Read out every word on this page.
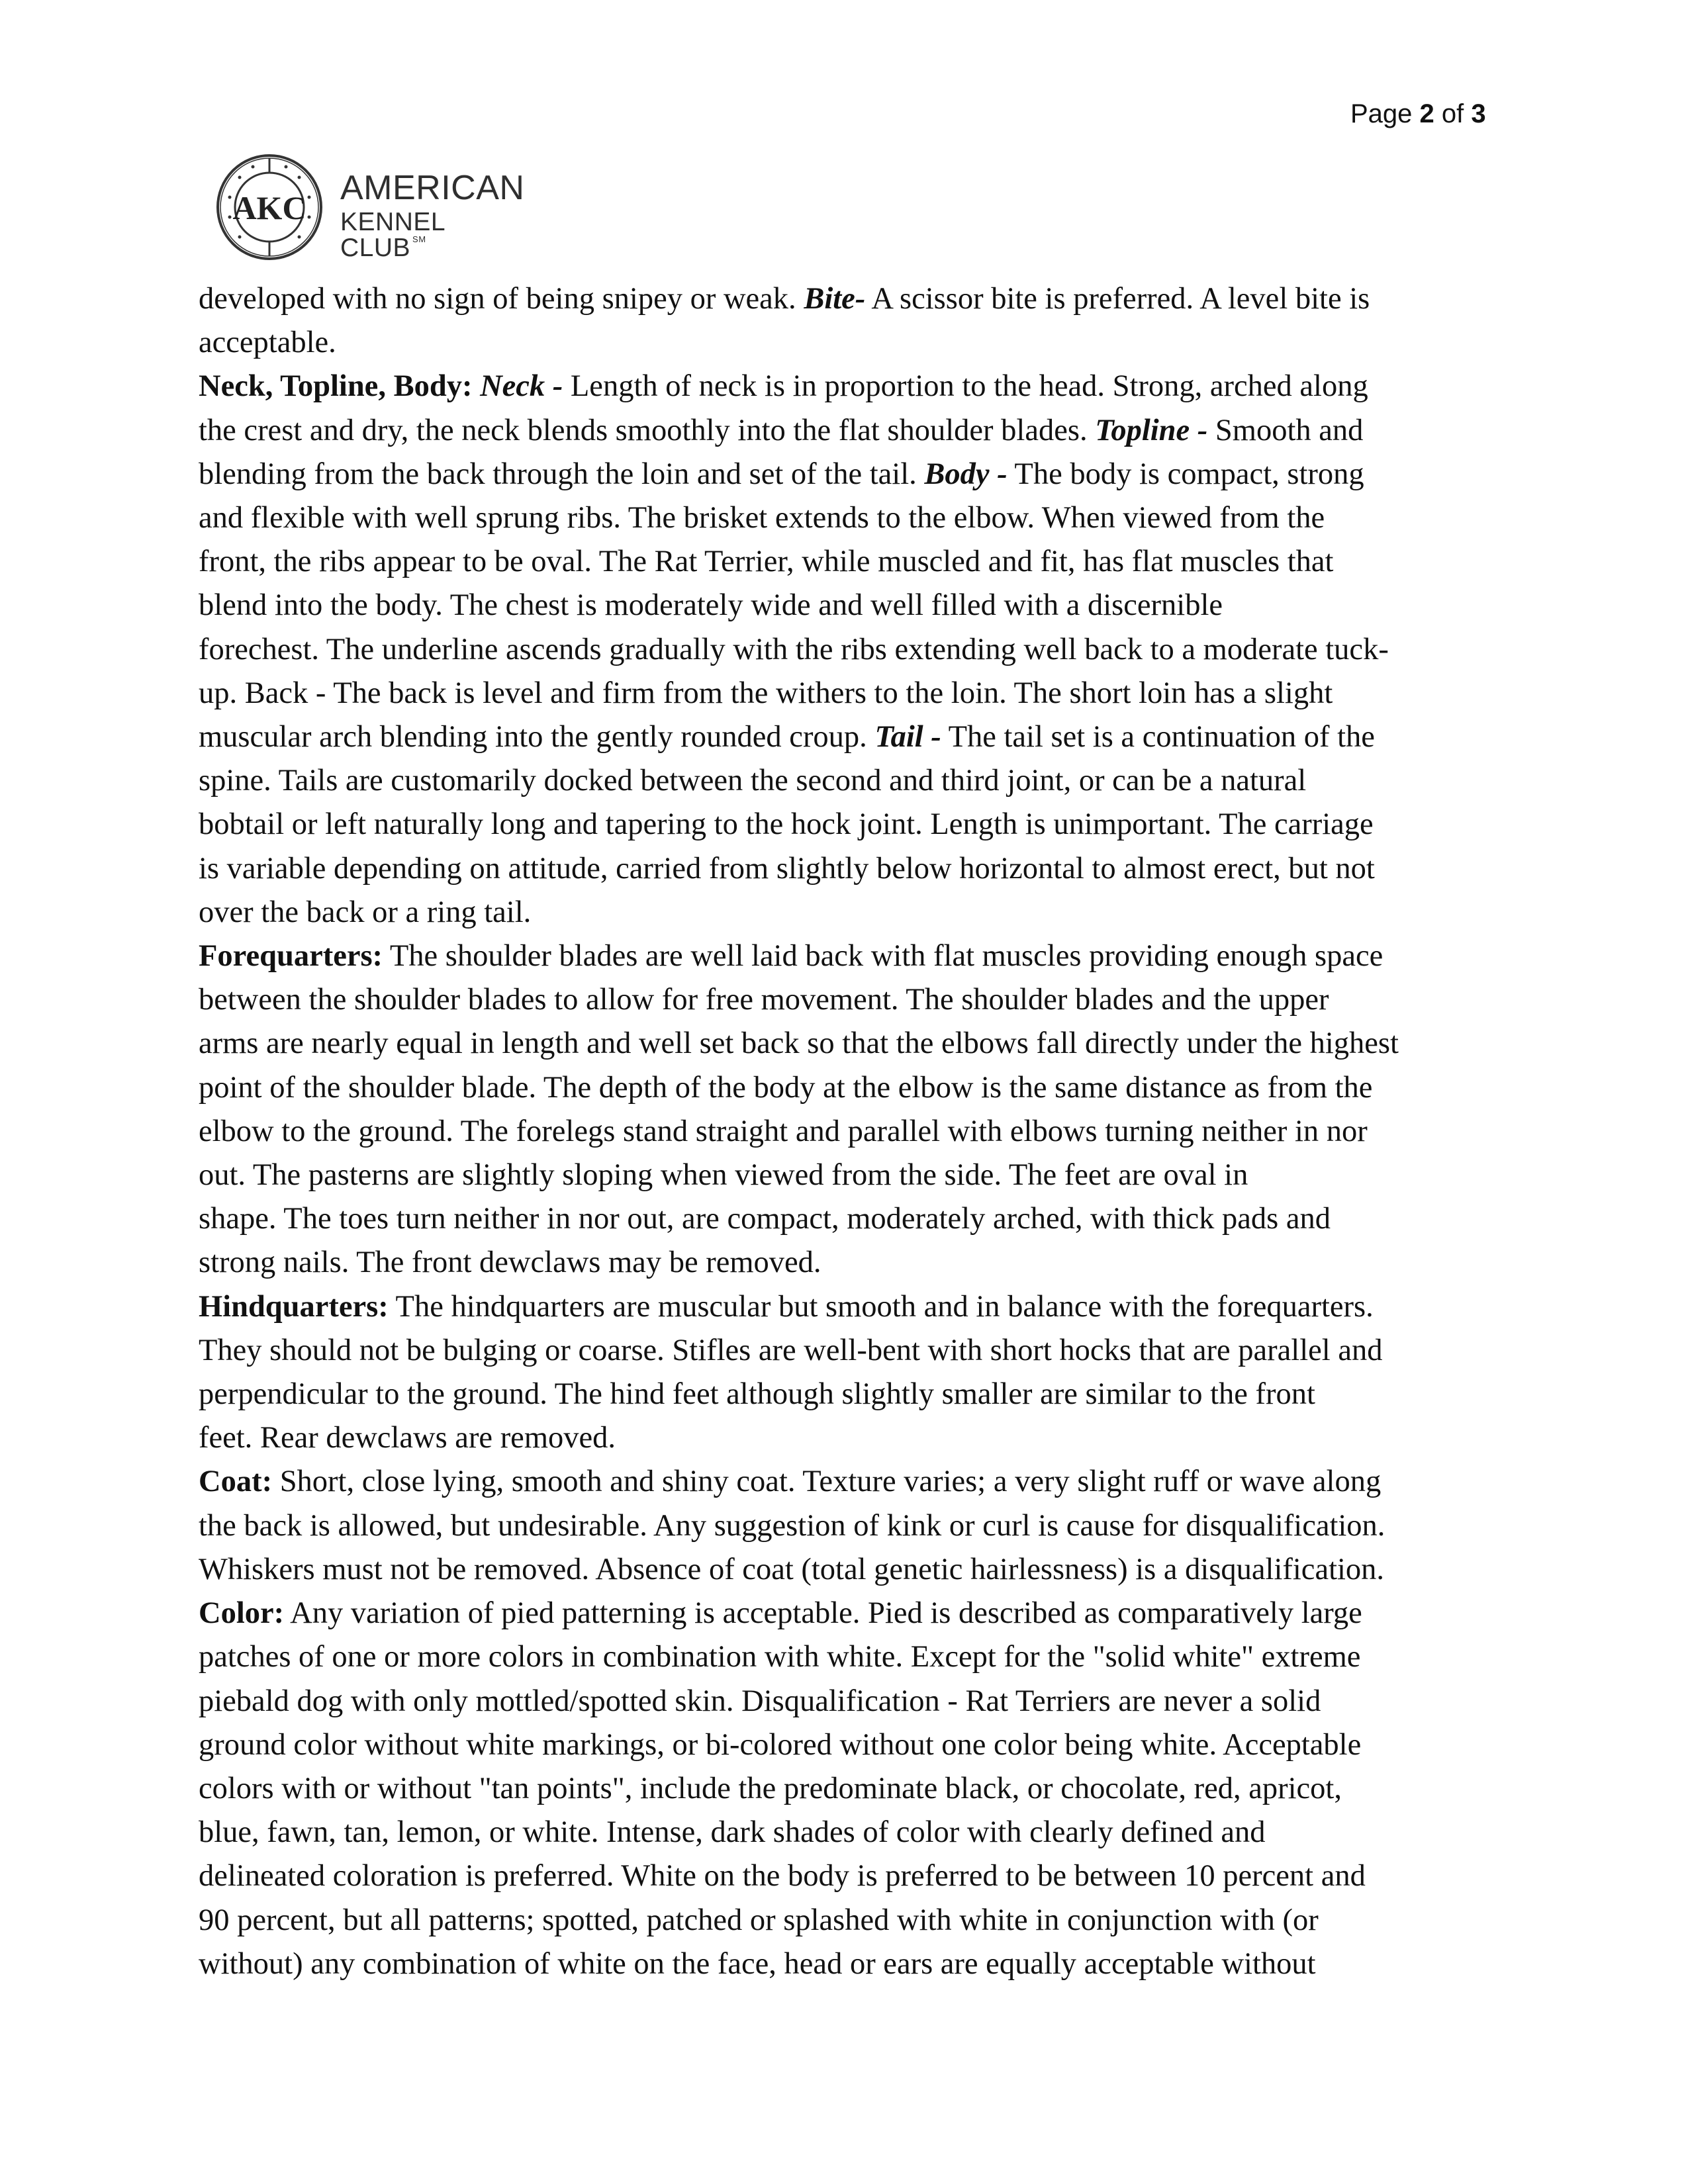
Page 2 of 3
AKC
AMERICAN
KENNEL CLUB ℠
developed with no sign of being snipey or weak. Bite- A scissor bite is preferred. A level bite is
acceptable.
Neck, Topline, Body: Neck - Length of neck is in proportion to the head. Strong, arched along
the crest and dry, the neck blends smoothly into the flat shoulder blades. Topline - Smooth and
blending from the back through the loin and set of the tail. Body - The body is compact, strong
and flexible with well sprung ribs. The brisket extends to the elbow. When viewed from the
front, the ribs appear to be oval. The Rat Terrier, while muscled and fit, has flat muscles that
blend into the body. The chest is moderately wide and well filled with a discernible
forechest. The underline ascends gradually with the ribs extending well back to a moderate tuck-
up. Back - The back is level and firm from the withers to the loin. The short loin has a slight
muscular arch blending into the gently rounded croup. Tail - The tail set is a continuation of the
spine. Tails are customarily docked between the second and third joint, or can be a natural
bobtail or left naturally long and tapering to the hock joint. Length is unimportant. The carriage
is variable depending on attitude, carried from slightly below horizontal to almost erect, but not
over the back or a ring tail.
Forequarters: The shoulder blades are well laid back with flat muscles providing enough space
between the shoulder blades to allow for free movement. The shoulder blades and the upper
arms are nearly equal in length and well set back so that the elbows fall directly under the highest
point of the shoulder blade. The depth of the body at the elbow is the same distance as from the
elbow to the ground. The forelegs stand straight and parallel with elbows turning neither in nor
out. The pasterns are slightly sloping when viewed from the side. The feet are oval in
shape. The toes turn neither in nor out, are compact, moderately arched, with thick pads and
strong nails. The front dewclaws may be removed.
Hindquarters: The hindquarters are muscular but smooth and in balance with the forequarters.
They should not be bulging or coarse. Stifles are well-bent with short hocks that are parallel and
perpendicular to the ground. The hind feet although slightly smaller are similar to the front
feet. Rear dewclaws are removed.
Coat: Short, close lying, smooth and shiny coat. Texture varies; a very slight ruff or wave along
the back is allowed, but undesirable. Any suggestion of kink or curl is cause for disqualification.
Whiskers must not be removed. Absence of coat (total genetic hairlessness) is a disqualification.
Color: Any variation of pied patterning is acceptable. Pied is described as comparatively large
patches of one or more colors in combination with white. Except for the "solid white" extreme
piebald dog with only mottled/spotted skin. Disqualification - Rat Terriers are never a solid
ground color without white markings, or bi-colored without one color being white. Acceptable
colors with or without "tan points", include the predominate black, or chocolate, red, apricot,
blue, fawn, tan, lemon, or white. Intense, dark shades of color with clearly defined and
delineated coloration is preferred. White on the body is preferred to be between 10 percent and
90 percent, but all patterns; spotted, patched or splashed with white in conjunction with (or
without) any combination of white on the face, head or ears are equally acceptable without
